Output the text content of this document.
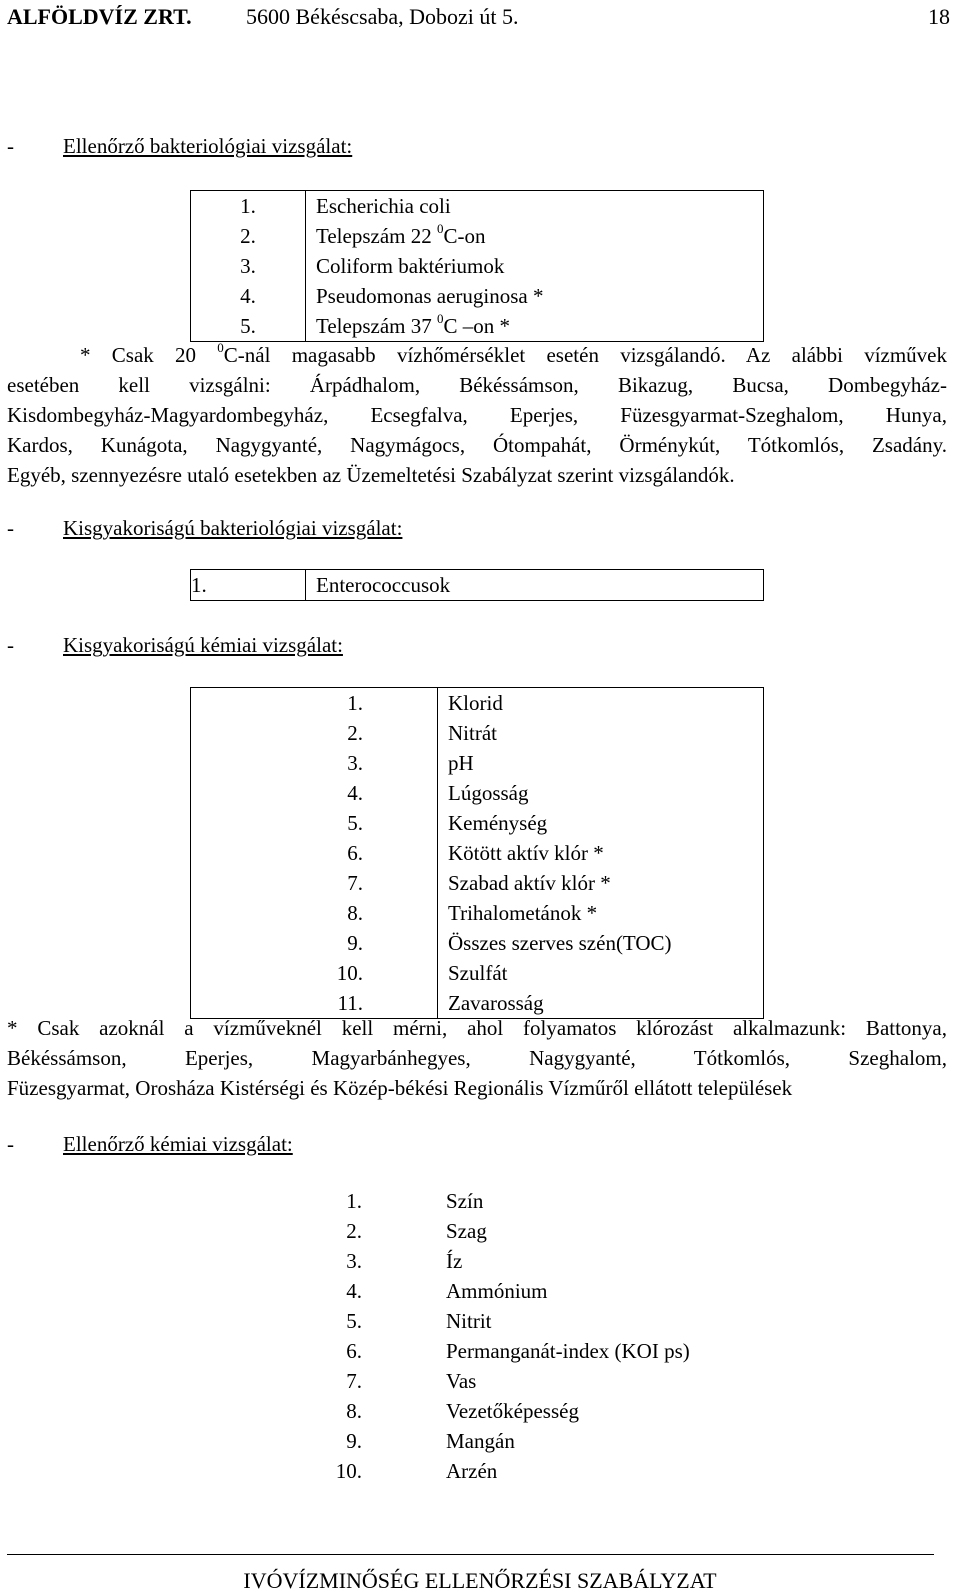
ALFÖLDVÍZ ZRT. 5600 Békéscsaba, Dobozi út 5.	18
- Ellenőrző bakteriológiai vizsgálat:
1.	Escherichia coli
2.	Telepszám 22 $^0$C-on
3.	Coliform baktériumok
4.	Pseudomonas aeruginosa *
5.	Telepszám 37 $^0$C –on *

* Csak 20 $^0$C-nál magasabb vízhőmérséklet esetén vizsgálandó. Az alábbi vízművek

esetében kell vizsgálni: Árpádhalom, Békéssámson, Bikazug, Bucsa, Dombegyház-

Kisdombegyház-Magyardombegyház, Ecsegfalva, Eperjes, Füzesgyarmat-Szeghalom, Hunya,

Kardos, Kunágota, Nagygyanté, Nagymágocs, Ótompahát, Örménykút, Tótkomlós, Zsadány.

Egyéb, szennyezésre utaló esetekben az Üzemeltetési Szabályzat szerint vizsgálandók.

- Kisgyakoriságú bakteriológiai vizsgálat:
1.	Enterococcusok
- Kisgyakoriságú kémiai vizsgálat:
1.	Klorid
2.	Nitrát
3.	pH
4.	Lúgosság
5.	Keménység
6.	Kötött aktív klór *
7.	Szabad aktív klór *
8.	Trihalometánok *
9.	Összes szerves szén(TOC)
10.	Szulfát
11.	Zavarosság

* Csak azoknál a vízműveknél kell mérni, ahol folyamatos klórozást alkalmazunk: Battonya,

Békéssámson, Eperjes, Magyarbánhegyes, Nagygyanté, Tótkomlós, Szeghalom,

Füzesgyarmat, Orosháza Kistérségi és Közép-békési Regionális Vízműről ellátott települések

- Ellenőrző kémiai vizsgálat:
1.	Szín
2.	Szag
3.	Íz
4.	Ammónium
5.	Nitrit
6.	Permanganát-index (KOI ps)
7.	Vas
8.	Vezetőképesség
9.	Mangán
10.	Arzén
IVÓVÍZMINŐSÉG ELLENŐRZÉSI SZABÁLYZAT
